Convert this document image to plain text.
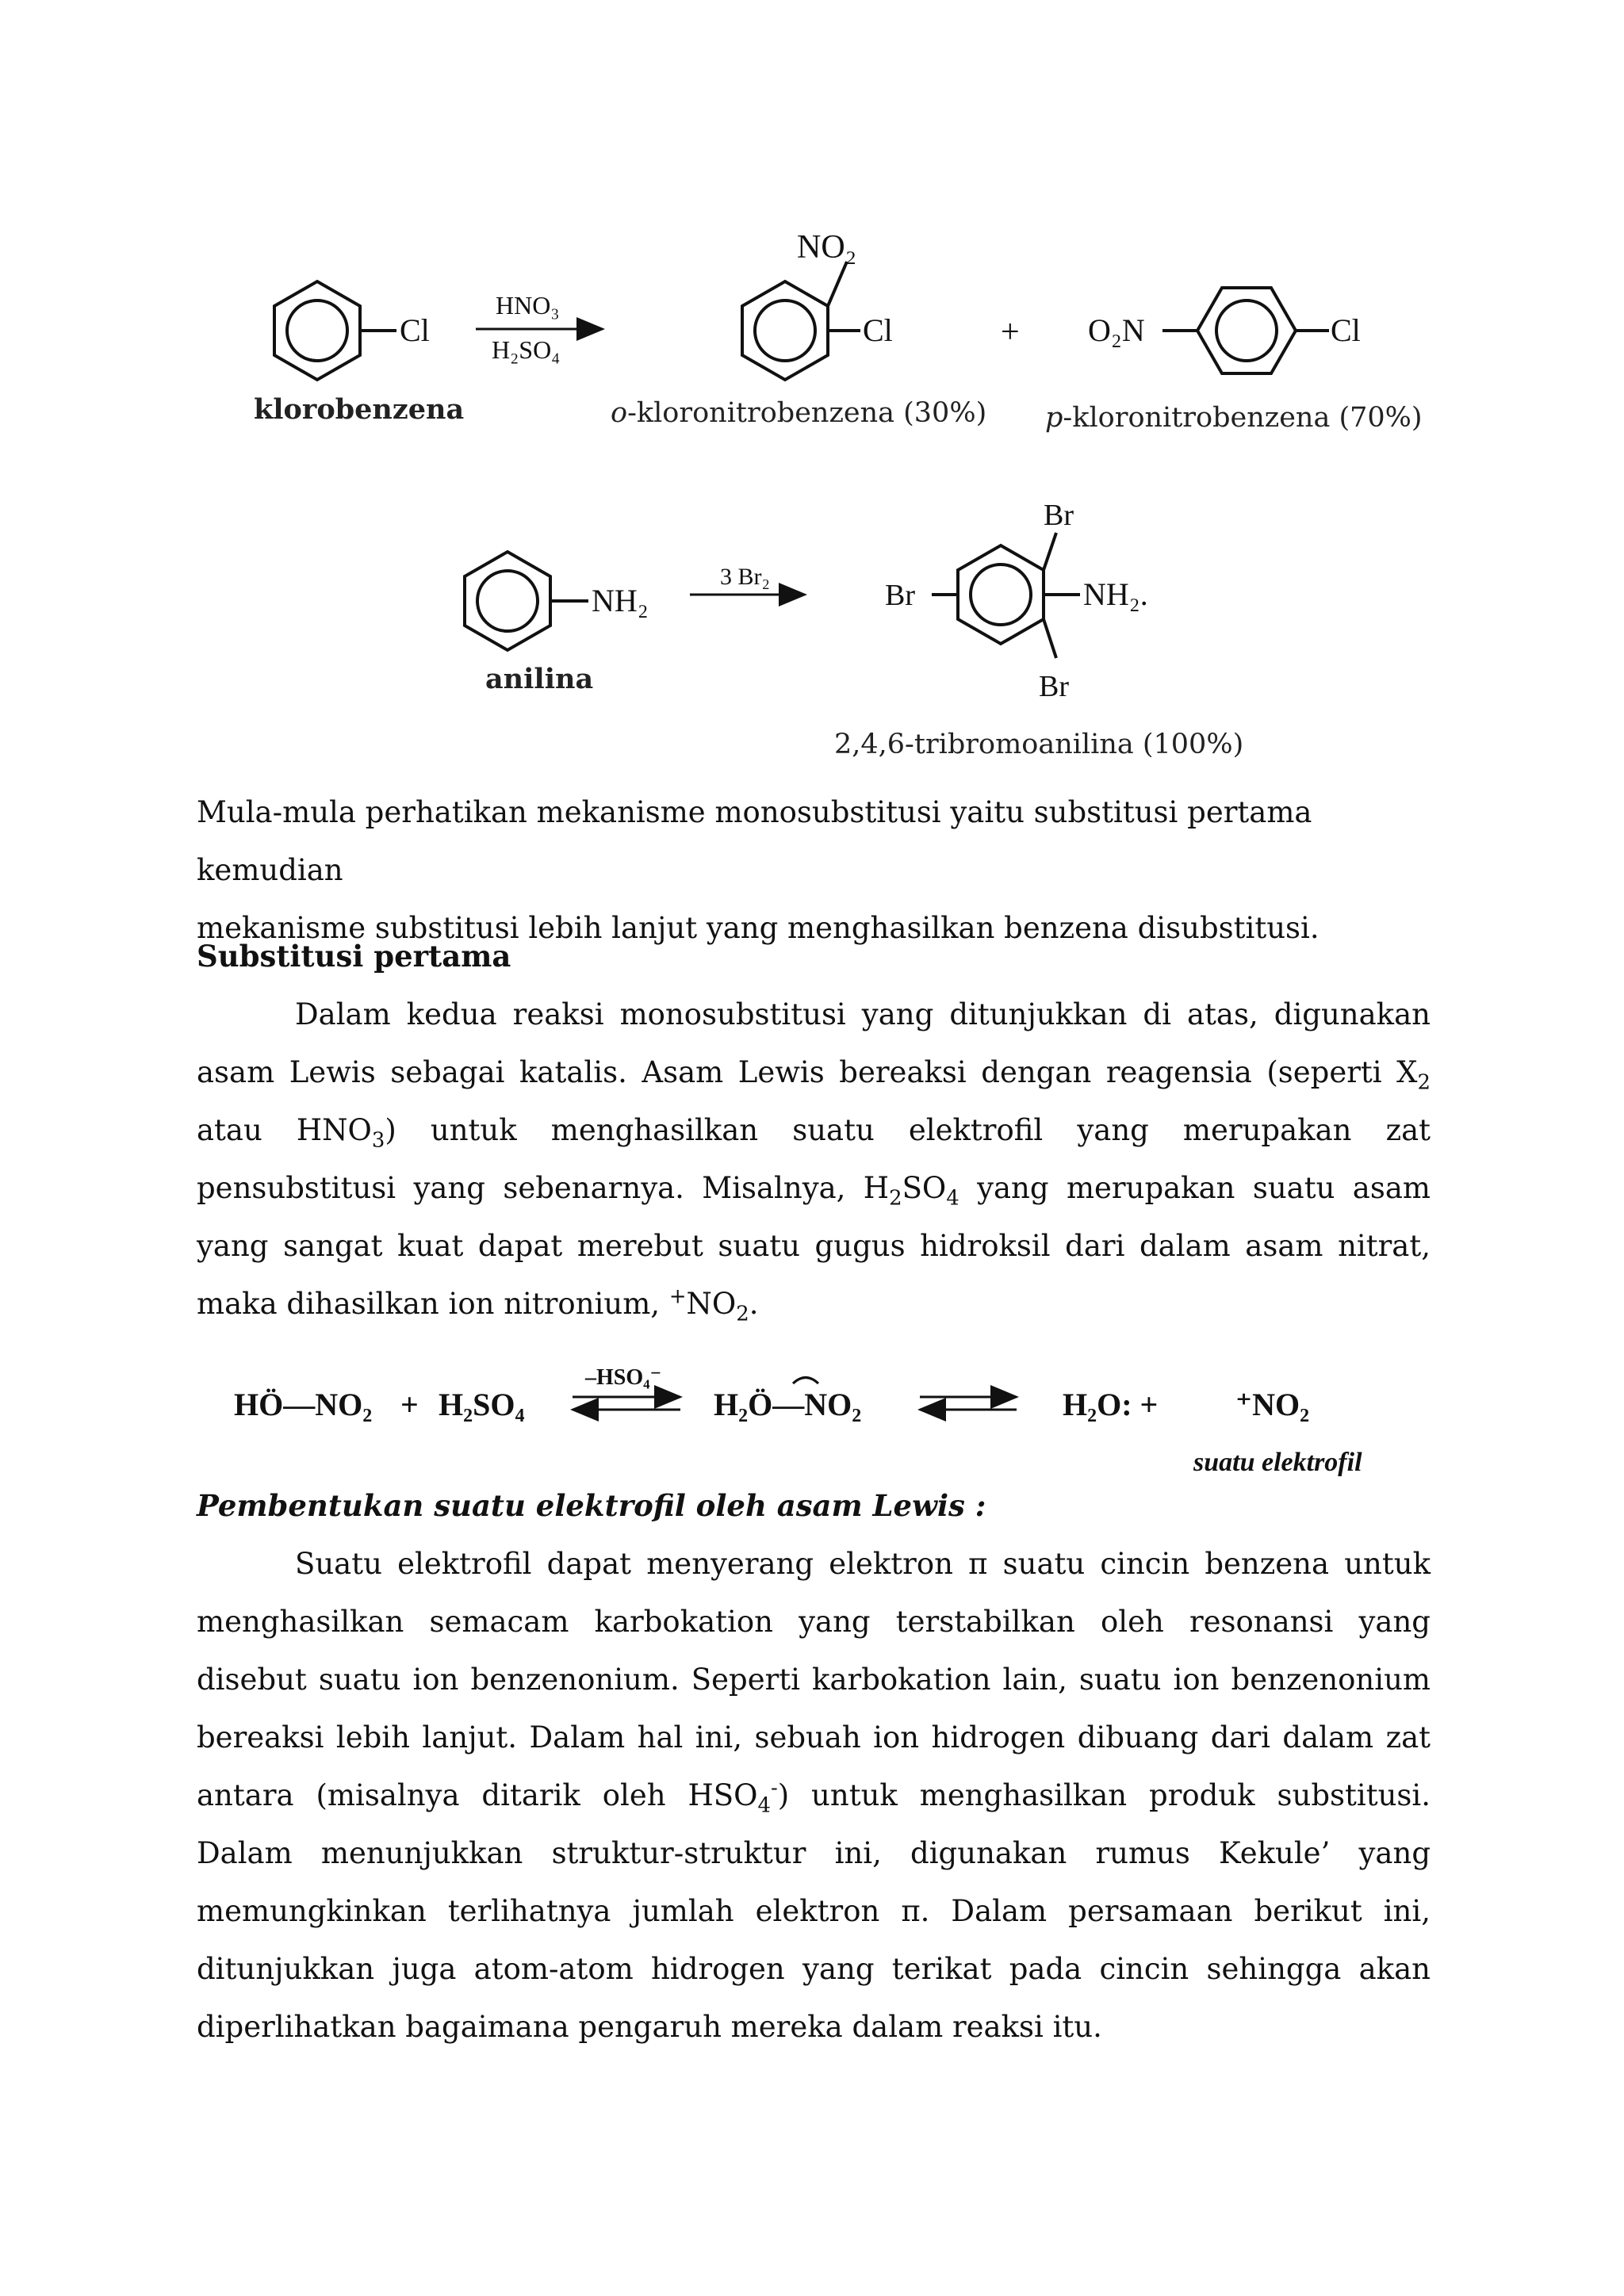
Cl
klorobenzena
HNO₃
H₂SO₄
NO₂
Cl
o-kloronitrobenzena (30%)
+ O₂N	Cl
p-kloronitrobenzena (70%)
NH₂
anilina
3 Br₂
Br
Br	NH₂.
Br
2,4,6-tribromoanilina (100%)
HÖ—NO₂ + H₂SO₄
–HSO₄⁻
H₂Ö—NO₂	H₂O: + ⁺NO₂
suatu elektrofil

Mula-mula perhatikan mekanisme monosubstitusi yaitu substitusi pertama kemudian

mekanisme substitusi lebih lanjut yang menghasilkan benzena disubstitusi.

Substitusi pertama

Dalam kedua reaksi monosubstitusi yang ditunjukkan di atas, digunakan asam Lewis sebagai katalis. Asam Lewis bereaksi dengan reagensia (seperti $X_2$ atau $HNO_3$) untuk menghasilkan suatu elektrofil yang merupakan zat pensubstitusi yang sebenarnya. Misalnya, $H_2SO_4$ yang merupakan suatu asam yang sangat kuat dapat merebut suatu gugus hidroksil dari dalam asam nitrat, maka dihasilkan ion nitronium, $^+NO_2$.

Pembentukan suatu elektrofil oleh asam Lewis :

Suatu elektrofil dapat menyerang elektron π suatu cincin benzena untuk menghasilkan semacam karbokation yang terstabilkan oleh resonansi yang disebut suatu ion benzenonium. Seperti karbokation lain, suatu ion benzenonium bereaksi lebih lanjut. Dalam hal ini, sebuah ion hidrogen dibuang dari dalam zat antara (misalnya ditarik oleh $HSO_4^-$) untuk menghasilkan produk substitusi. Dalam menunjukkan struktur-struktur ini, digunakan rumus Kekule’ yang memungkinkan terlihatnya jumlah elektron π. Dalam persamaan berikut ini, ditunjukkan juga atom-atom hidrogen yang terikat pada cincin sehingga akan diperlihatkan bagaimana pengaruh mereka dalam reaksi itu.
